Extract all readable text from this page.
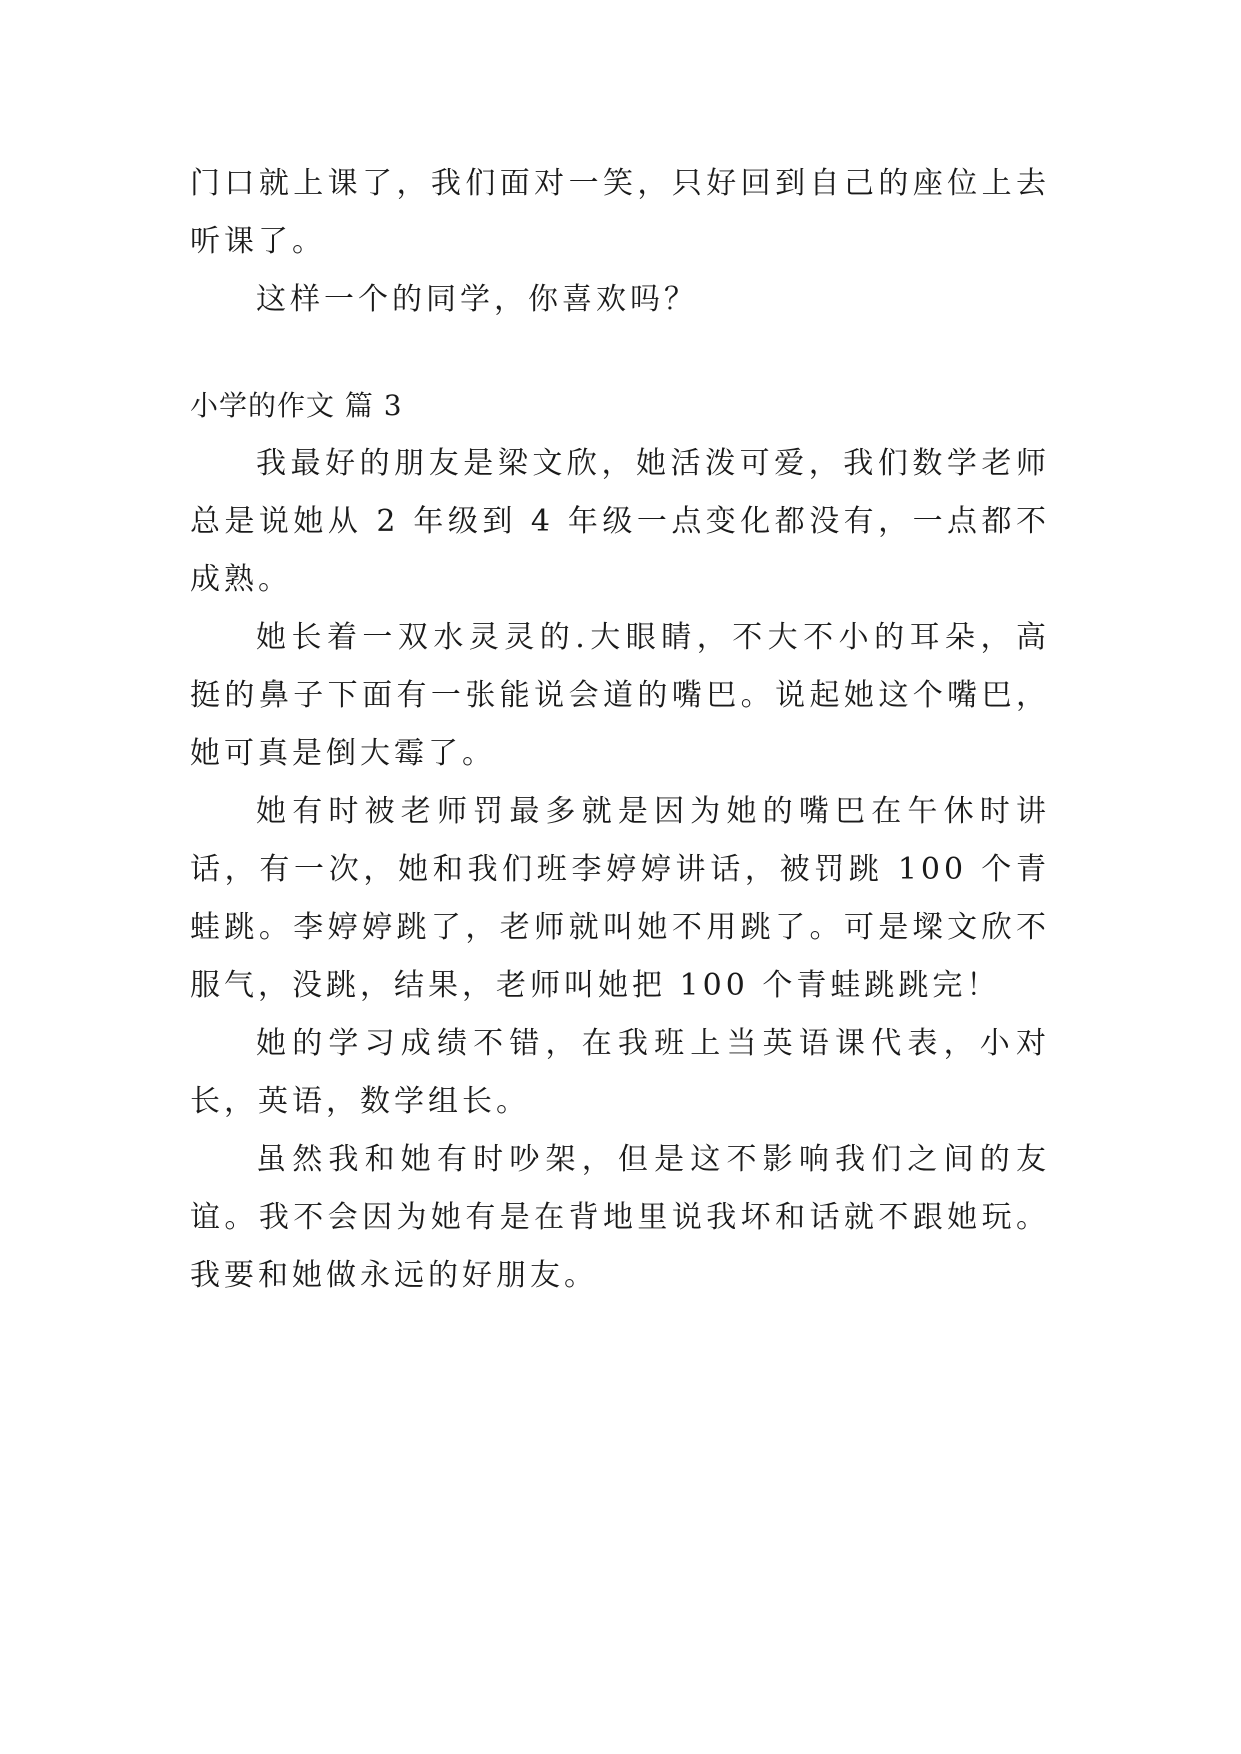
门口就上课了，我们面对一笑，只好回到自己的座位上去听课了。

这样一个的同学，你喜欢吗？

小学的作文 篇 3

我最好的朋友是梁文欣，她活泼可爱，我们数学老师总是说她从 2 年级到 4 年级一点变化都没有，一点都不成熟。

她长着一双水灵灵的.大眼睛，不大不小的耳朵，高挺的鼻子下面有一张能说会道的嘴巴。说起她这个嘴巴，她可真是倒大霉了。

她有时被老师罚最多就是因为她的嘴巴在午休时讲话，有一次，她和我们班李婷婷讲话，被罚跳 100 个青蛙跳。李婷婷跳了，老师就叫她不用跳了。可是墚文欣不服气，没跳，结果，老师叫她把 100 个青蛙跳跳完！

她的学习成绩不错，在我班上当英语课代表，小对长，英语，数学组长。

虽然我和她有时吵架，但是这不影响我们之间的友谊。我不会因为她有是在背地里说我坏和话就不跟她玩。我要和她做永远的好朋友。
